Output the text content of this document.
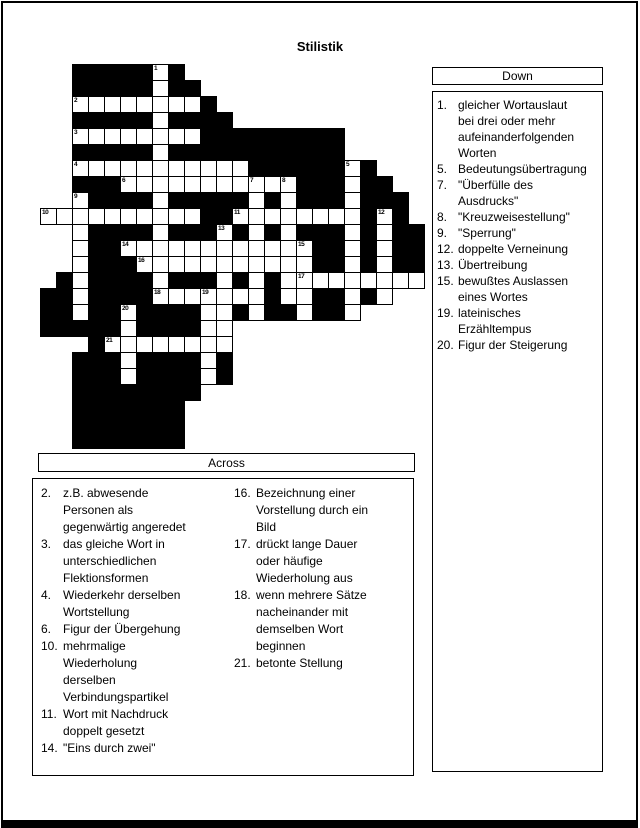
Stilistik
1
2
3
4	5
6	7	8
9
10	11	12
13
14	15
17
16
18	19
20
21
Down
1. gleicher Wortauslaut
bei drei oder mehr
aufeinanderfolgenden
Worten
5. Bedeutungsübertragung
7. "Überfülle des
Ausdrucks"
8. "Kreuzweisestellung"
9. "Sperrung"
12. doppelte Verneinung
13. Übertreibung
15. bewußtes Auslassen
eines Wortes
19. lateinisches
Erzähltempus
20. Figur der Steigerung
Across
2. z.B. abwesende
Personen als
gegenwärtig angeredet
3. das gleiche Wort in
unterschiedlichen
Flektionsformen
4. Wiederkehr derselben
Wortstellung
6. Figur der Übergehung
10. mehrmalige
Wiederholung
derselben
Verbindungspartikel
11. Wort mit Nachdruck
doppelt gesetzt
14. "Eins durch zwei"
16. Bezeichnung einer
Vorstellung durch ein
Bild
17. drückt lange Dauer
oder häufige
Wiederholung aus
18. wenn mehrere Sätze
nacheinander mit
demselben Wort
beginnen
21. betonte Stellung
